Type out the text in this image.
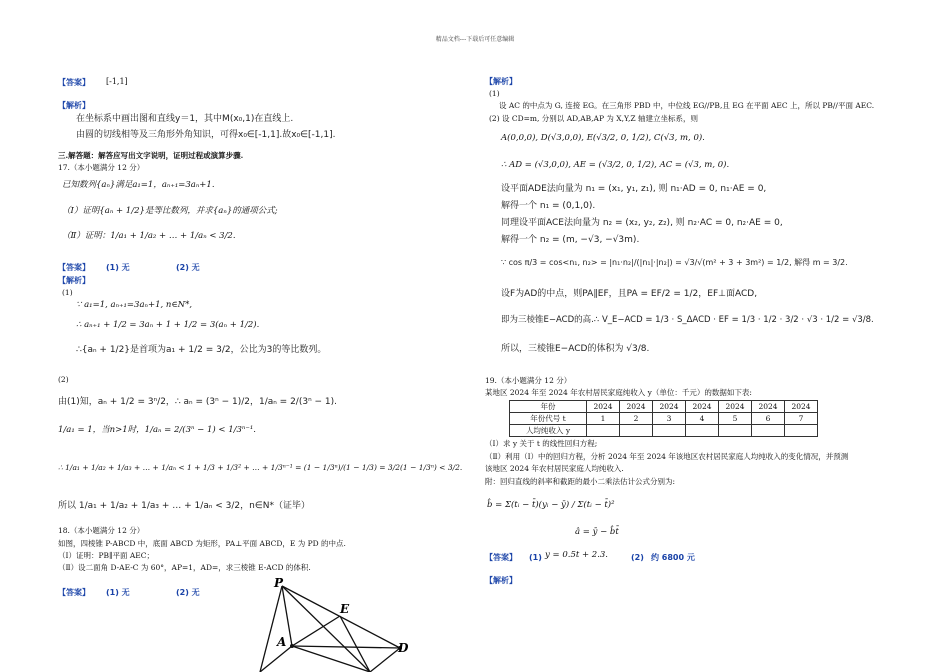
精品文档---下载后可任意编辑
【答案】 [-1,1]
【解析】
在坐标系中画出图和直线y＝1，其中M(x₀,1)在直线上.
由圆的切线相等及三角形外角知识，可得x₀∈[-1,1].故x₀∈[-1,1].
三.解答题：解答应写出文字说明，证明过程或演算步骤.
17.（本小题满分 12 分）
已知数列{aₙ}满足a₁=1，aₙ₊₁=3aₙ+1.
（Ⅰ）证明{aₙ + 1/2}是等比数列，并求{aₙ}的通项公式;
（Ⅱ）证明：1/a₁ + 1/a₂ + … + 1/aₙ < 3/2.
【答案】 (1) 无	(2) 无
【解析】
(1)
∵ a₁=1, aₙ₊₁=3aₙ+1, n∈N*,
∴ aₙ₊₁ + 1/2 = 3aₙ + 1 + 1/2 = 3(aₙ + 1/2).
∴{aₙ + 1/2}是首项为a₁ + 1/2 = 3/2，公比为3的等比数列。
(2)
由(1)知，aₙ + 1/2 = 3ⁿ/2，∴ aₙ = (3ⁿ − 1)/2，1/aₙ = 2/(3ⁿ − 1).
1/a₁ = 1，当n>1时，1/aₙ = 2/(3ⁿ − 1) < 1/3ⁿ⁻¹.
∴ 1/a₁ + 1/a₂ + 1/a₃ + … + 1/aₙ < 1 + 1/3 + 1/3² + … + 1/3ⁿ⁻¹ = (1 − 1/3ⁿ)/(1 − 1/3) = 3/2(1 − 1/3ⁿ) < 3/2.
所以 1/a₁ + 1/a₂ + 1/a₃ + … + 1/aₙ < 3/2，n∈N*（证毕）
18.（本小题满分 12 分）
如图，四棱锥 P-ABCD 中，底面 ABCD 为矩形，PA⊥平面 ABCD，E 为 PD 的中点.
（Ⅰ）证明：PB∥平面 AEC；
（Ⅱ）设二面角 D-AE-C 为 60°，AP=1，AD=，求三棱锥 E-ACD 的体积.
【答案】 (1) 无	(2) 无
P
E
A	D
【解析】
(1)
设 AC 的中点为 G, 连接 EG。在三角形 PBD 中，中位线 EG//PB,且 EG 在平面 AEC 上，所以 PB//平面 AEC.
(2) 设 CD=m, 分别以 AD,AB,AP 为 X,Y,Z 轴建立坐标系，则
A(0,0,0), D(√3,0,0), E(√3/2, 0, 1/2), C(√3, m, 0).
∴ AD = (√3,0,0), AE = (√3/2, 0, 1/2), AC = (√3, m, 0).
设平面ADE法向量为 n₁ = (x₁, y₁, z₁), 则 n₁·AD = 0, n₁·AE = 0,
解得一个 n₁ = (0,1,0).
同理设平面ACE法向量为 n₂ = (x₂, y₂, z₂), 则 n₂·AC = 0, n₂·AE = 0,
解得一个 n₂ = (m, −√3, −√3m).
∵ cos π/3 = cos<n₁, n₂> = |n₁·n₂|/(|n₁|·|n₂|) = √3/√(m² + 3 + 3m²) = 1/2, 解得 m = 3/2.
设F为AD的中点，则PA∥EF，且PA = EF/2 = 1/2，EF⊥面ACD,
即为三棱锥E−ACD的高.∴ V_E−ACD = 1/3 · S_ΔACD · EF = 1/3 · 1/2 · 3/2 · √3 · 1/2 = √3/8.
所以，三棱锥E−ACD的体积为 √3/8.
19.（本小题满分 12 分）
某地区 2024 年至 2024 年农村居民家庭纯收入 y（单位：千元）的数据如下表:
年份	2024	2024	2024	2024	2024	2024	2024
年份代号 t	1	2	3	4	5	6	7
人均纯收入 y							
（Ⅰ）求 y 关于 t 的线性回归方程;
（Ⅱ）利用（Ⅰ）中的回归方程，分析 2024 年至 2024 年该地区农村居民家庭人均纯收入的变化情况，并预测
该地区 2024 年农村居民家庭人均纯收入.
附：回归直线的斜率和截距的最小二乘法估计公式分别为:
b̂ = Σ(tᵢ − t̄)(yᵢ − ȳ) / Σ(tᵢ − t̄)²
â = ȳ − b̂t̄
【答案】 (1) y = 0.5t + 2.3.	(2) 约 6800 元
【解析】
